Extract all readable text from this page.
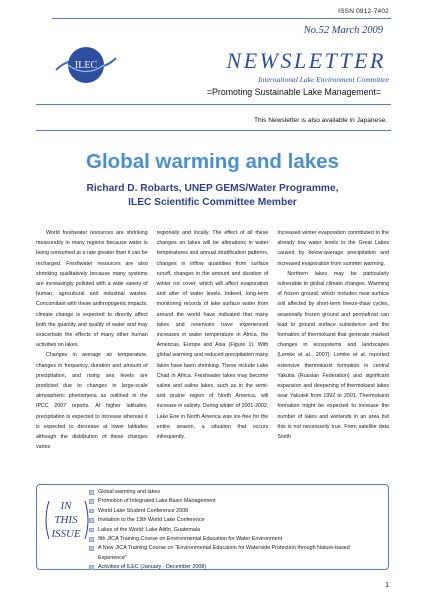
ISSN 0912-7402
No.52 March 2009
ILEC	NEWSLETTER
International Lake Environment Committee
=Promoting Sustainable Lake Management=
This Newsletter is also available in Japanese.
Global warming and lakes
Richard D. Robarts, UNEP GEMS/Water Programme,
ILEC Scientific Committee Member

World freshwater resources are shrinking measurably in many regions because water is being consumed at a rate greater than it can be recharged. Freshwater resources are also shrinking qualitatively because many systems are increasingly polluted with a wide variety of human, agricultural and industrial wastes. Concomitant with these anthropogenic impacts, climate change is expected to directly affect both the quantity and quality of water and may exacerbate the effects of many other human activities on lakes.

Changes in average air temperature, changes in frequency, duration and amount of precipitation, and rising sea levels are predicted due to changes in large-scale atmospheric phenomena as outlined in the IPCC 2007 reports. At higher latitudes, precipitation is expected to increase whereas it is expected to decrease at lower latitudes although the distribution of these changes varies

regionally and locally. The effect of all these changes on lakes will be alterations in water temperatures and annual stratification patterns, changes in inflow quantities from surface runoff, changes in the amount and duration of winter ice cover, which will affect evaporation and alter of water levels. Indeed, long-term monitoring records of lake surface water from around the world have indicated that many lakes and reservoirs have experienced increases in water temperature in Africa, the Americas, Europe and Asia (Figure 1). With global warming and reduced precipitation many lakes have been shrinking. These include Lake Chad in Africa. Freshwater lakes may become saline and saline lakes, such as in the semi-arid prairie region of North America, will increase in salinity. During winter of 2001-2002, Lake Erie in North America was ice-free for the entire season, a situation that occurs infrequently.

Increased winter evaporation contributed to the already low water levels in the Great Lakes caused by below-average precipitation and increased evaporation from summer warming.

Northern lakes may be particularly vulnerable to global climate changes. Warming of frozen ground, which includes near-surface soil affected by short-term freeze-thaw cycles, seasonally frozen ground and permafrost can lead to ground surface subsidence and the formation of thermokarst that generate marked changes in ecosystems and landscapes (Lemke et al., 2007). Lemke et al. reported extensive thermokarst formation in central Yakutia (Russian Federation) and significant expansion and deepening of thermokarst lakes near Yakutsk from 1992 to 2001. Thermokarst formation might be expected to increase the number of lakes and wetlands in an area but this is not necessarily true. From satellite data Smith

IN
THIS
ISSUE
Global warming and lakes
Promotion of Integrated Lake Basin Management
World Lake Student Conference 2008
Invitation to the 13th World Lake Conference
Lakes of the World: Lake Atitln, Guatemala
9th JICA Training Course on Environmental Education for Water Environment
A New JICA Training Course on “Environmental Education for Waterside Protection through Nature-based Experience”
Activities of ILEC (January - December 2008)
1
